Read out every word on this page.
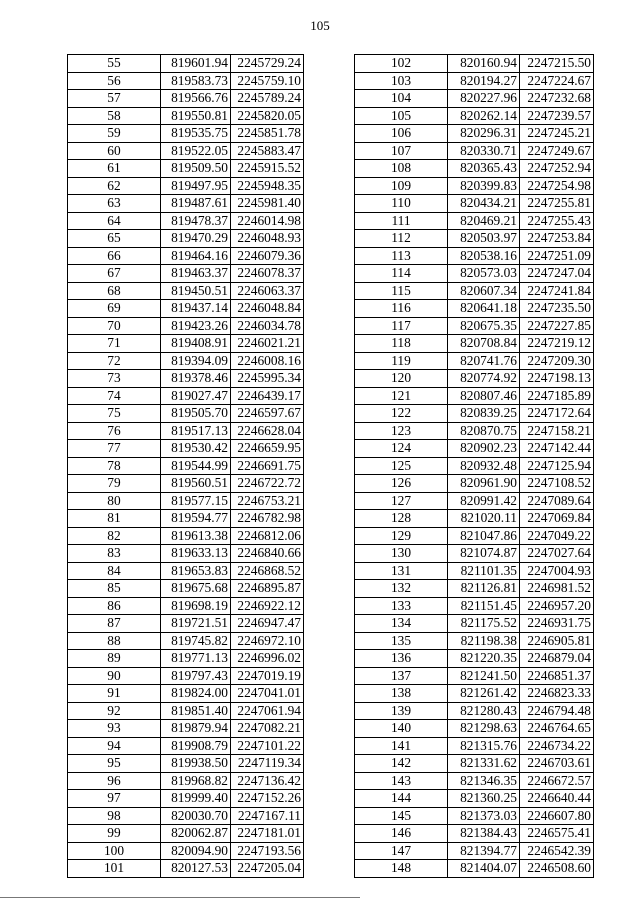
105
55	819601.94	2245729.24
56	819583.73	2245759.10
57	819566.76	2245789.24
58	819550.81	2245820.05
59	819535.75	2245851.78
60	819522.05	2245883.47
61	819509.50	2245915.52
62	819497.95	2245948.35
63	819487.61	2245981.40
64	819478.37	2246014.98
65	819470.29	2246048.93
66	819464.16	2246079.36
67	819463.37	2246078.37
68	819450.51	2246063.37
69	819437.14	2246048.84
70	819423.26	2246034.78
71	819408.91	2246021.21
72	819394.09	2246008.16
73	819378.46	2245995.34
74	819027.47	2246439.17
75	819505.70	2246597.67
76	819517.13	2246628.04
77	819530.42	2246659.95
78	819544.99	2246691.75
79	819560.51	2246722.72
80	819577.15	2246753.21
81	819594.77	2246782.98
82	819613.38	2246812.06
83	819633.13	2246840.66
84	819653.83	2246868.52
85	819675.68	2246895.87
86	819698.19	2246922.12
87	819721.51	2246947.47
88	819745.82	2246972.10
89	819771.13	2246996.02
90	819797.43	2247019.19
91	819824.00	2247041.01
92	819851.40	2247061.94
93	819879.94	2247082.21
94	819908.79	2247101.22
95	819938.50	2247119.34
96	819968.82	2247136.42
97	819999.40	2247152.26
98	820030.70	2247167.11
99	820062.87	2247181.01
100	820094.90	2247193.56
101	820127.53	2247205.04
102	820160.94	2247215.50
103	820194.27	2247224.67
104	820227.96	2247232.68
105	820262.14	2247239.57
106	820296.31	2247245.21
107	820330.71	2247249.67
108	820365.43	2247252.94
109	820399.83	2247254.98
110	820434.21	2247255.81
111	820469.21	2247255.43
112	820503.97	2247253.84
113	820538.16	2247251.09
114	820573.03	2247247.04
115	820607.34	2247241.84
116	820641.18	2247235.50
117	820675.35	2247227.85
118	820708.84	2247219.12
119	820741.76	2247209.30
120	820774.92	2247198.13
121	820807.46	2247185.89
122	820839.25	2247172.64
123	820870.75	2247158.21
124	820902.23	2247142.44
125	820932.48	2247125.94
126	820961.90	2247108.52
127	820991.42	2247089.64
128	821020.11	2247069.84
129	821047.86	2247049.22
130	821074.87	2247027.64
131	821101.35	2247004.93
132	821126.81	2246981.52
133	821151.45	2246957.20
134	821175.52	2246931.75
135	821198.38	2246905.81
136	821220.35	2246879.04
137	821241.50	2246851.37
138	821261.42	2246823.33
139	821280.43	2246794.48
140	821298.63	2246764.65
141	821315.76	2246734.22
142	821331.62	2246703.61
143	821346.35	2246672.57
144	821360.25	2246640.44
145	821373.03	2246607.80
146	821384.43	2246575.41
147	821394.77	2246542.39
148	821404.07	2246508.60
